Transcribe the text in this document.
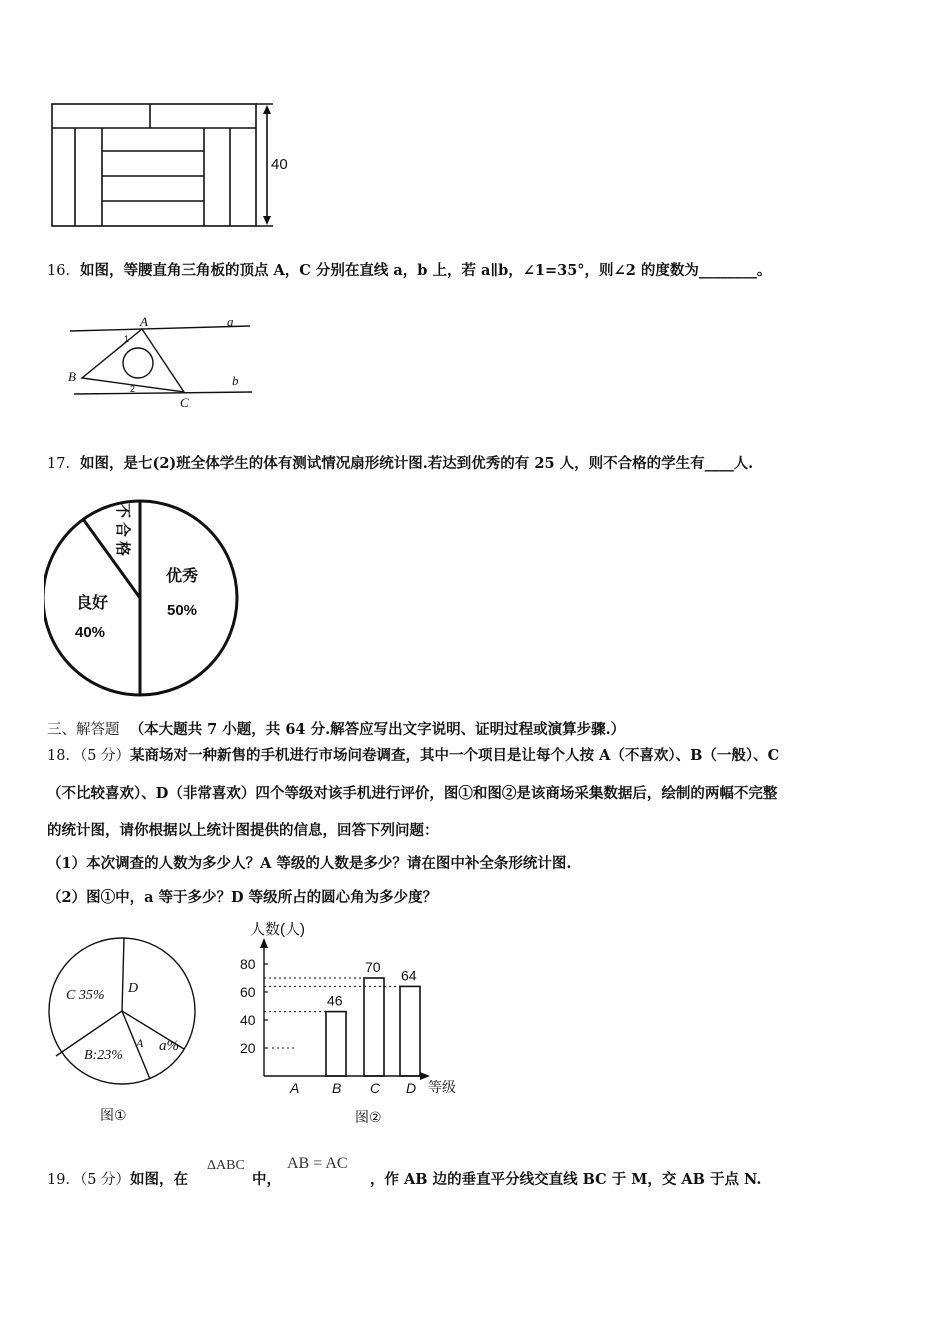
40
16．如图，等腰直角三角板的顶点 A，C 分别在直线 a，b 上，若 a∥b，∠1=35°，则∠2 的度数为________。
A	a
B	b
C
1
2
17．如图，是七(2)班全体学生的体有测试情况扇形统计图.若达到优秀的有 25 人，则不合格的学生有____人.
优秀
50%
良好
40%
不
合
格
三、解答题 （本大题共 7 小题，共 64 分.解答应写出文字说明、证明过程或演算步骤.）
18．（5 分）某商场对一种新售的手机进行市场问卷调查，其中一个项目是让每个人按 A（不喜欢）、B（一般）、C
（不比较喜欢）、D（非常喜欢）四个等级对该手机进行评价，图①和图②是该商场采集数据后，绘制的两幅不完整
的统计图，请你根据以上统计图提供的信息，回答下列问题：
（1）本次调查的人数为多少人？A 等级的人数是多少？请在图中补全条形统计图.
（2）图①中，a 等于多少？D 等级所占的圆心角为多少度？
C 35% D
B:23%
A a%
图①
人数(人)
等级
20
40
60
80
A B
46
C
70
D
64
图②
19．（5 分）如图，在
ΔABC
中，
AB = AC
，作 AB 边的垂直平分线交直线 BC 于 M，交 AB 于点 N.
